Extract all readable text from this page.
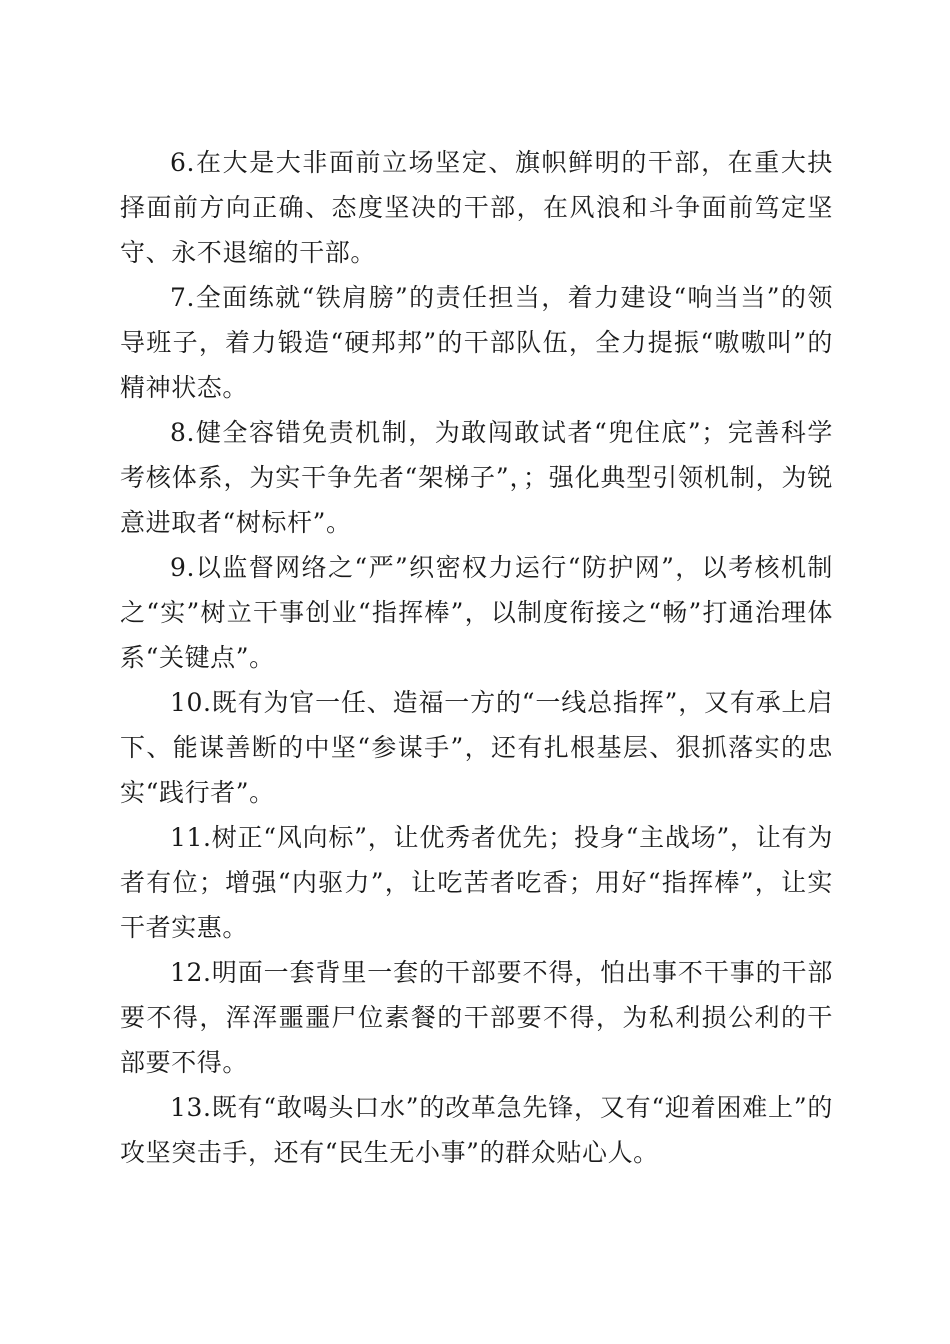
6.在大是大非面前立场坚定、旗帜鲜明的干部，在重大抉择面前方向正确、态度坚决的干部，在风浪和斗争面前笃定坚守、永不退缩的干部。

7.全面练就“铁肩膀”的责任担当，着力建设“响当当”的领导班子，着力锻造“硬邦邦”的干部队伍，全力提振“嗷嗷叫”的精神状态。

8.健全容错免责机制，为敢闯敢试者“兜住底”；完善科学考核体系，为实干争先者“架梯子”，；强化典型引领机制，为锐意进取者“树标杆”。

9.以监督网络之“严”织密权力运行“防护网”，以考核机制之“实”树立干事创业“指挥棒”，以制度衔接之“畅”打通治理体系“关键点”。

10.既有为官一任、造福一方的“一线总指挥”，又有承上启下、能谋善断的中坚“参谋手”，还有扎根基层、狠抓落实的忠实“践行者”。

11.树正“风向标”，让优秀者优先；投身“主战场”，让有为者有位；增强“内驱力”，让吃苦者吃香；用好“指挥棒”，让实干者实惠。

12.明面一套背里一套的干部要不得，怕出事不干事的干部要不得，浑浑噩噩尸位素餐的干部要不得，为私利损公利的干部要不得。

13.既有“敢喝头口水”的改革急先锋，又有“迎着困难上”的攻坚突击手，还有“民生无小事”的群众贴心人。
